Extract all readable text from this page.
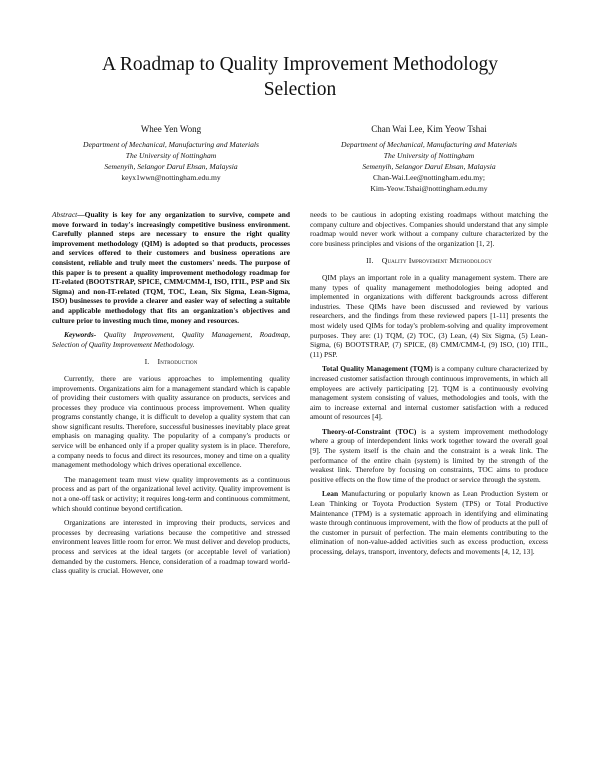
A Roadmap to Quality Improvement Methodology Selection
Whee Yen Wong
Department of Mechanical, Manufacturing and Materials
The University of Nottingham
Semenyih, Selangor Darul Ehsan, Malaysia
keyx1wwn@nottingham.edu.my
Chan Wai Lee, Kim Yeow Tshai
Department of Mechanical, Manufacturing and Materials
The University of Nottingham
Semenyih, Selangor Darul Ehsan, Malaysia
Chan-Wai.Lee@nottingham.edu.my;
Kim-Yeow.Tshai@nottingham.edu.my

Abstract—Quality is key for any organization to survive, compete and move forward in today's increasingly competitive business environment. Carefully planned steps are necessary to ensure the right quality improvement methodology (QIM) is adopted so that products, processes and services offered to their customers and business operations are consistent, reliable and truly meet the customers' needs. The purpose of this paper is to present a quality improvement methodology roadmap for IT-related (BOOTSTRAP, SPICE, CMM/CMM-I, ISO, ITIL, PSP and Six Sigma) and non-IT-related (TQM, TOC, Lean, Six Sigma, Lean-Sigma, ISO) businesses to provide a clearer and easier way of selecting a suitable and applicable methodology that fits an organization's objectives and culture prior to investing much time, money and resources.

Keywords- Quality Improvement, Quality Management, Roadmap, Selection of Quality Improvement Methodology.

I. Introduction

Currently, there are various approaches to implementing quality improvements. Organizations aim for a management standard which is capable of providing their customers with quality assurance on products, services and processes they produce via continuous process improvement. When quality programs constantly change, it is difficult to develop a quality system that can show significant results. Therefore, successful businesses inevitably place great emphasis on managing quality. The popularity of a company's products or service will be enhanced only if a proper quality system is in place. Therefore, a company needs to focus and direct its resources, money and time on a quality management methodology which drives operational excellence.

The management team must view quality improvements as a continuous process and as part of the organizational level activity. Quality improvement is not a one-off task or activity; it requires long-term and continuous commitment, which should continue beyond certification.

Organizations are interested in improving their products, services and processes by decreasing variations because the competitive and stressed environment leaves little room for error. We must deliver and develop products, process and services at the ideal targets (or acceptable level of variation) demanded by the customers. Hence, consideration of a roadmap toward world-class quality is crucial. However, one

needs to be cautious in adopting existing roadmaps without matching the company culture and objectives. Companies should understand that any simple roadmap would never work without a company culture characterized by the core business principles and visions of the organization [1, 2].

II. Quality Improvement Methodology

QIM plays an important role in a quality management system. There are many types of quality management methodologies being adopted and implemented in organizations with different backgrounds across different industries. These QIMs have been discussed and reviewed by various researchers, and the findings from these reviewed papers [1-11] presents the most widely used QIMs for today's problem-solving and quality improvement purposes. They are: (1) TQM, (2) TOC, (3) Lean, (4) Six Sigma, (5) Lean-Sigma, (6) BOOTSTRAP, (7) SPICE, (8) CMM/CMM-I, (9) ISO, (10) ITIL, (11) PSP.

Total Quality Management (TQM) is a company culture characterized by increased customer satisfaction through continuous improvements, in which all employees are actively participating [2]. TQM is a continuously evolving management system consisting of values, methodologies and tools, with the aim to increase external and internal customer satisfaction with a reduced amount of resources [4].

Theory-of-Constraint (TOC) is a system improvement methodology where a group of interdependent links work together toward the overall goal [9]. The system itself is the chain and the constraint is a weak link. The performance of the entire chain (system) is limited by the strength of the weakest link. Therefore by focusing on constraints, TOC aims to produce positive effects on the flow time of the product or service through the system.

Lean Manufacturing or popularly known as Lean Production System or Lean Thinking or Toyota Production System (TPS) or Total Productive Maintenance (TPM) is a systematic approach in identifying and eliminating waste through continuous improvement, with the flow of products at the pull of the customer in pursuit of perfection. The main elements contributing to the elimination of non-value-added activities such as excess production, excess processing, delays, transport, inventory, defects and movements [4, 12, 13].
